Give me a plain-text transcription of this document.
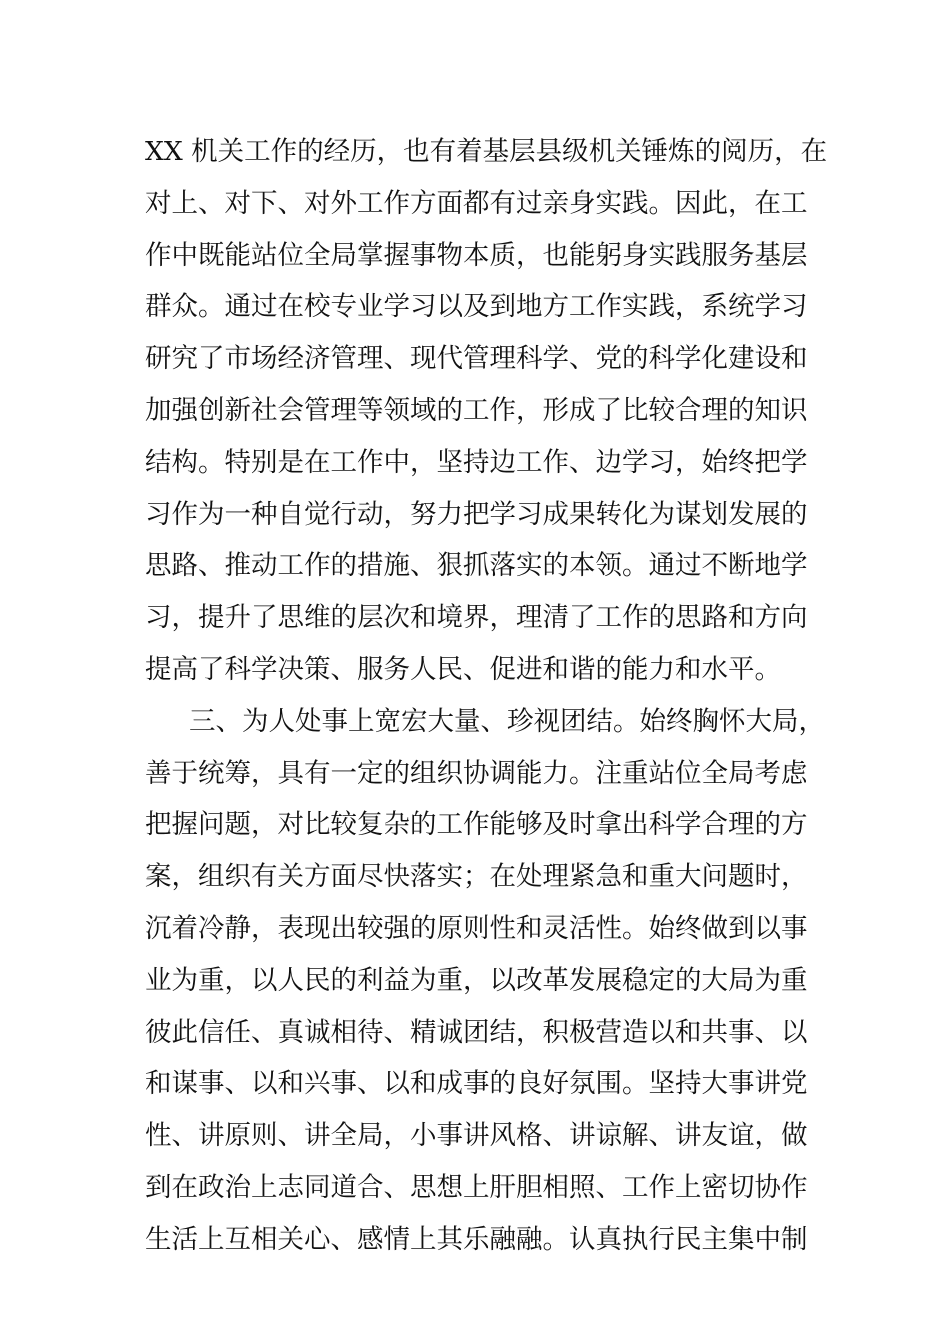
XX 机关工作的经历，也有着基层县级机关锤炼的阅历，在
对上、对下、对外工作方面都有过亲身实践。因此，在工
作中既能站位全局掌握事物本质，也能躬身实践服务基层
群众。通过在校专业学习以及到地方工作实践，系统学习
研究了市场经济管理、现代管理科学、党的科学化建设和
加强创新社会管理等领域的工作，形成了比较合理的知识
结构。特别是在工作中，坚持边工作、边学习，始终把学
习作为一种自觉行动，努力把学习成果转化为谋划发展的
思路、推动工作的措施、狠抓落实的本领。通过不断地学
习，提升了思维的层次和境界，理清了工作的思路和方向
提高了科学决策、服务人民、促进和谐的能力和水平。
三、为人处事上宽宏大量、珍视团结。始终胸怀大局，
善于统筹，具有一定的组织协调能力。注重站位全局考虑
把握问题，对比较复杂的工作能够及时拿出科学合理的方
案，组织有关方面尽快落实；在处理紧急和重大问题时，
沉着冷静，表现出较强的原则性和灵活性。始终做到以事
业为重，以人民的利益为重，以改革发展稳定的大局为重
彼此信任、真诚相待、精诚团结，积极营造以和共事、以
和谋事、以和兴事、以和成事的良好氛围。坚持大事讲党
性、讲原则、讲全局，小事讲风格、讲谅解、讲友谊，做
到在政治上志同道合、思想上肝胆相照、工作上密切协作
生活上互相关心、感情上其乐融融。认真执行民主集中制
